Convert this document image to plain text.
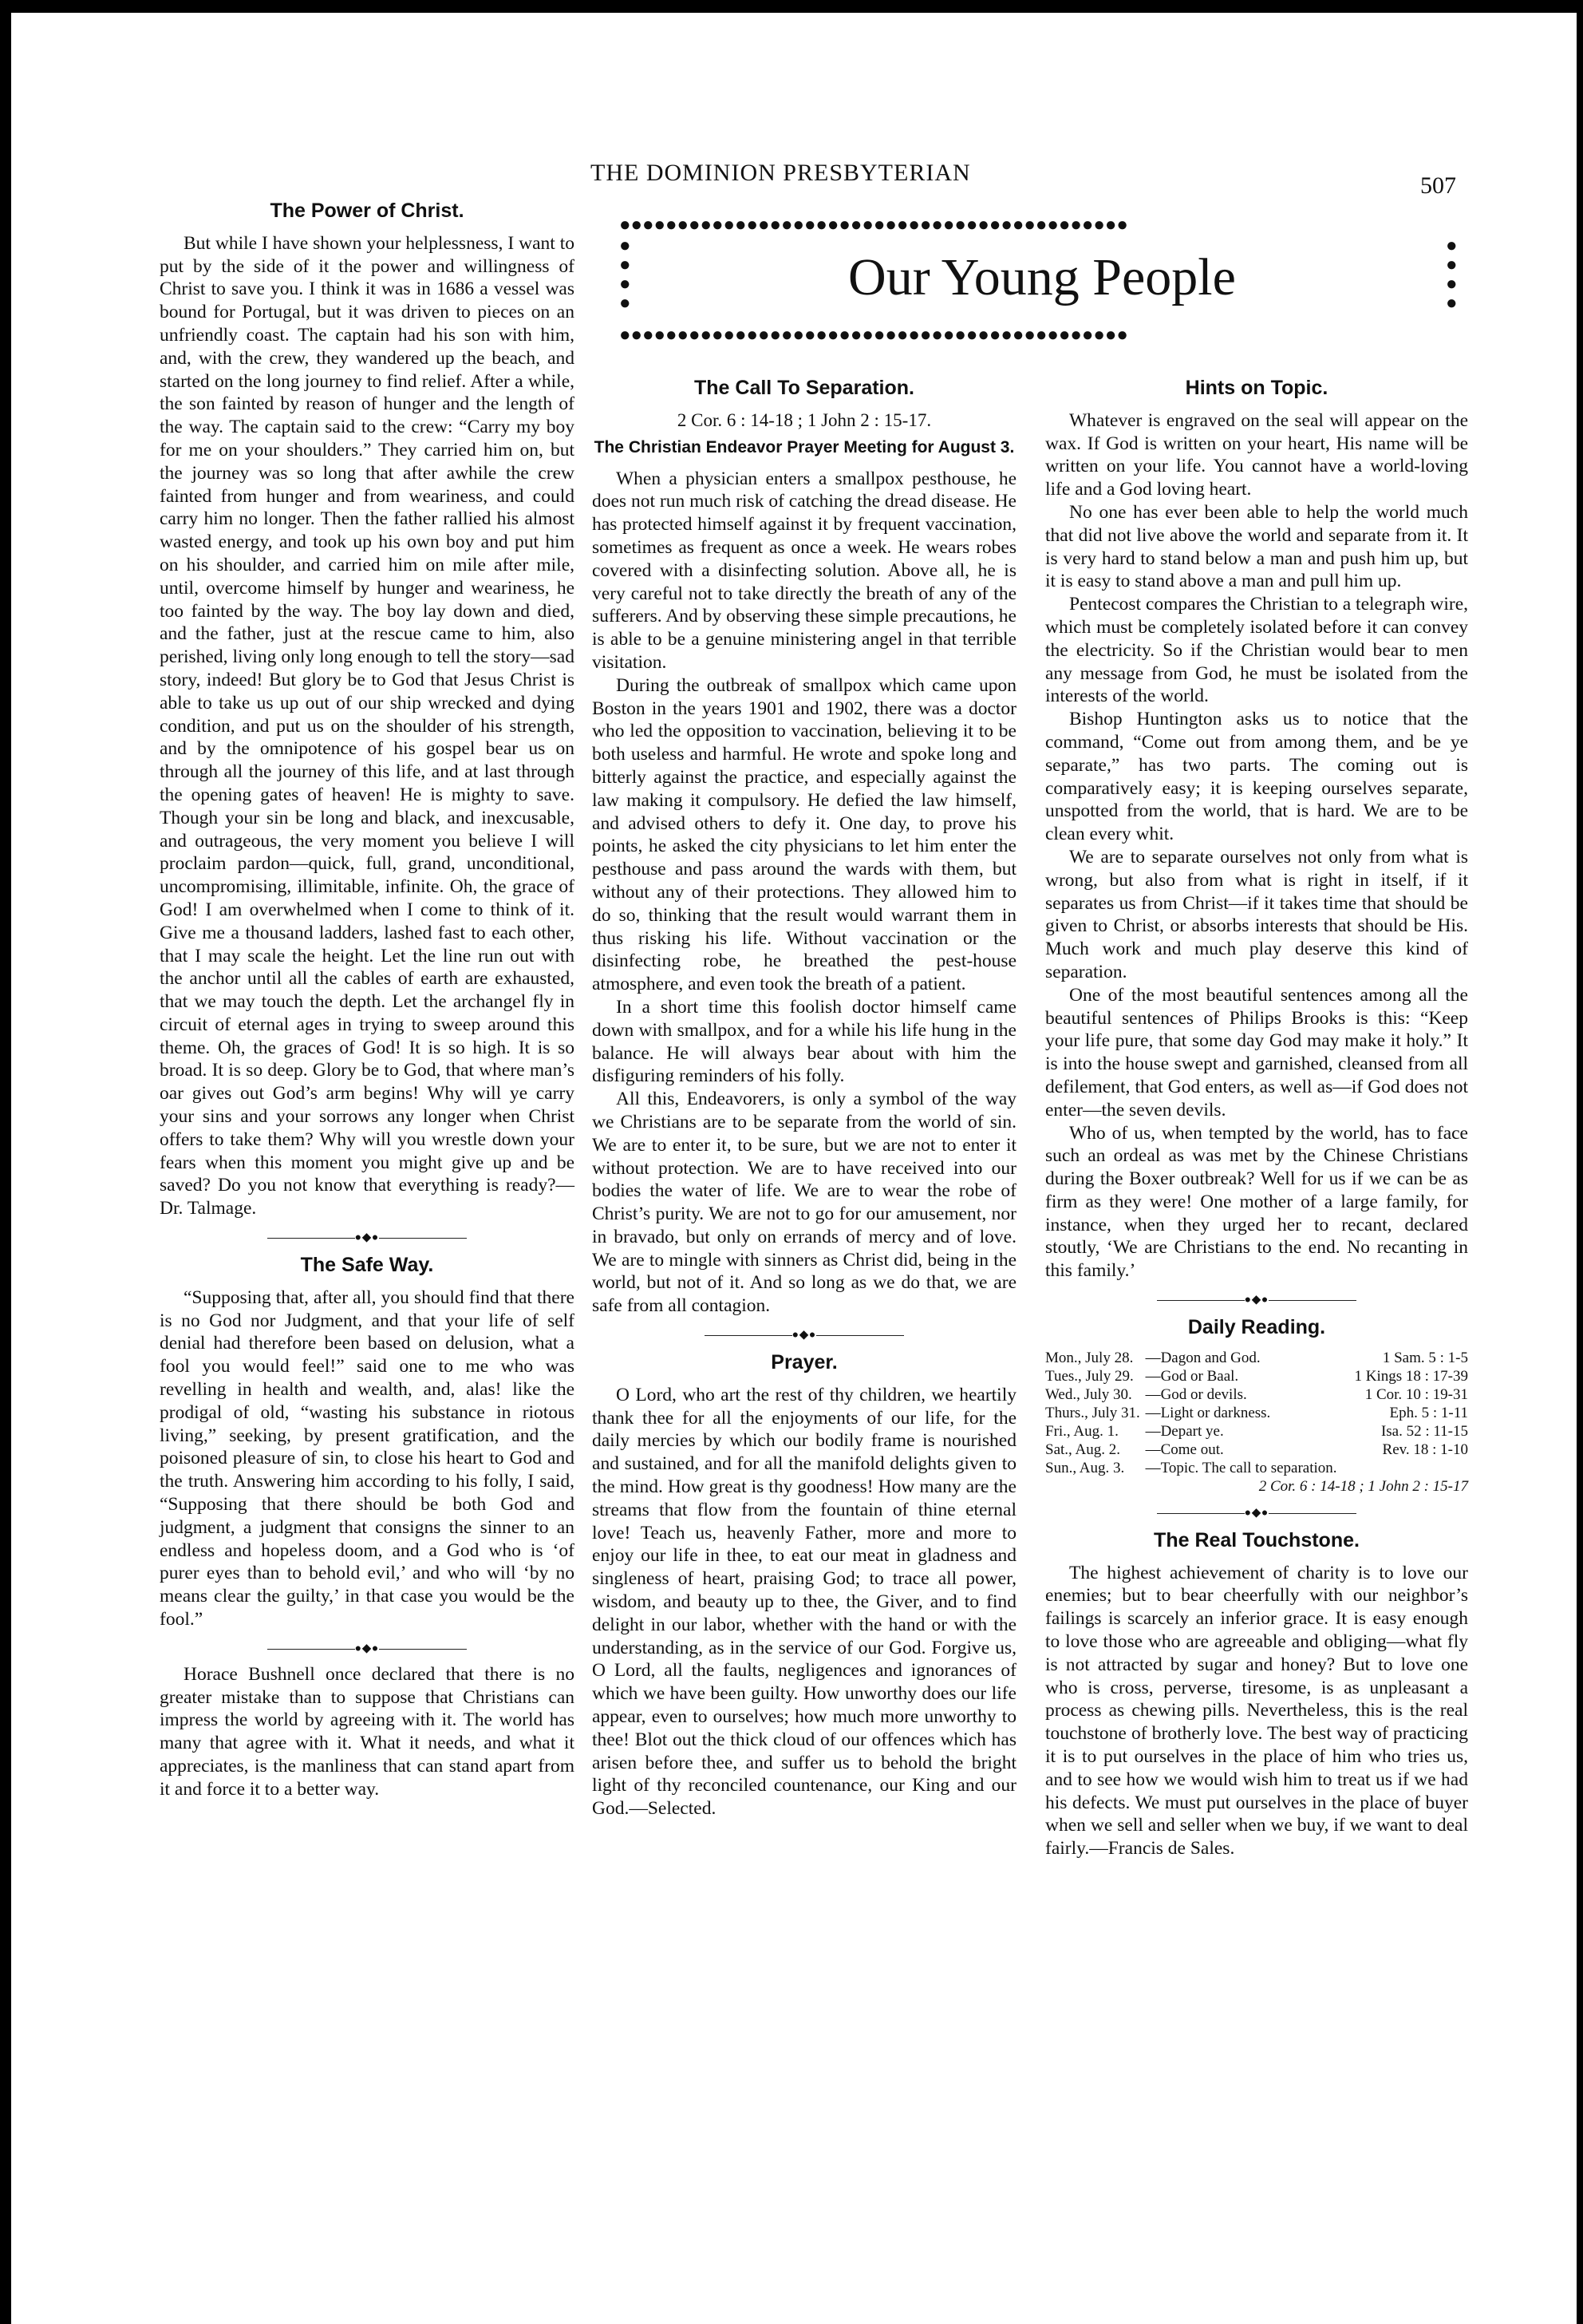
THE DOMINION PRESBYTERIAN	507
●●●●●●●●●●●●●●●●●●●●●●●●●●●●●●●●●●●●●●●●●●●●
● ● ● ●	Our Young People
● ● ● ●
●●●●●●●●●●●●●●●●●●●●●●●●●●●●●●●●●●●●●●●●●●●●
The Power of Christ.

But while I have shown your helplessness, I want to put by the side of it the power and willingness of Christ to save you. I think it was in 1686 a vessel was bound for Portugal, but it was driven to pieces on an unfriendly coast. The captain had his son with him, and, with the crew, they wandered up the beach, and started on the long journey to find relief. After a while, the son fainted by reason of hunger and the length of the way. The captain said to the crew: “Carry my boy for me on your shoulders.” They carried him on, but the journey was so long that after awhile the crew fainted from hunger and from weariness, and could carry him no longer. Then the father rallied his almost wasted energy, and took up his own boy and put him on his shoulder, and carried him on mile after mile, until, overcome himself by hunger and weariness, he too fainted by the way. The boy lay down and died, and the father, just at the rescue came to him, also perished, living only long enough to tell the story—sad story, indeed! But glory be to God that Jesus Christ is able to take us up out of our ship wrecked and dying condition, and put us on the shoulder of his strength, and by the omnipotence of his gospel bear us on through all the journey of this life, and at last through the opening gates of heaven! He is mighty to save. Though your sin be long and black, and inexcusable, and outrageous, the very moment you believe I will proclaim pardon—quick, full, grand, unconditional, uncompromising, illimitable, infinite. Oh, the grace of God! I am overwhelmed when I come to think of it. Give me a thousand ladders, lashed fast to each other, that I may scale the height. Let the line run out with the anchor until all the cables of earth are exhausted, that we may touch the depth. Let the archangel fly in circuit of eternal ages in trying to sweep around this theme. Oh, the graces of God! It is so high. It is so broad. It is so deep. Glory be to God, that where man’s oar gives out God’s arm begins! Why will ye carry your sins and your sorrows any longer when Christ offers to take them? Why will you wrestle down your fears when this moment you might give up and be saved? Do you not know that everything is ready?—Dr. Talmage.

●◆●
The Safe Way.

“Supposing that, after all, you should find that there is no God nor Judgment, and that your life of self denial had therefore been based on delusion, what a fool you would feel!” said one to me who was revelling in health and wealth, and, alas! like the prodigal of old, “wasting his substance in riotous living,” seeking, by present gratification, and the poisoned pleasure of sin, to close his heart to God and the truth. Answering him according to his folly, I said, “Supposing that there should be both God and judgment, a judgment that consigns the sinner to an endless and hopeless doom, and a God who is ‘of purer eyes than to behold evil,’ and who will ‘by no means clear the guilty,’ in that case you would be the fool.”

●◆●

Horace Bushnell once declared that there is no greater mistake than to suppose that Christians can impress the world by agreeing with it. The world has many that agree with it. What it needs, and what it appreciates, is the manliness that can stand apart from it and force it to a better way.

The Call To Separation.
2 Cor. 6 : 14-18 ; 1 John 2 : 15-17.
The Christian Endeavor Prayer Meeting for August 3.

When a physician enters a smallpox pesthouse, he does not run much risk of catching the dread disease. He has protected himself against it by frequent vaccination, sometimes as frequent as once a week. He wears robes covered with a disinfecting solution. Above all, he is very careful not to take directly the breath of any of the sufferers. And by observing these simple precautions, he is able to be a genuine ministering angel in that terrible visitation.

During the outbreak of smallpox which came upon Boston in the years 1901 and 1902, there was a doctor who led the opposition to vaccination, believing it to be both useless and harmful. He wrote and spoke long and bitterly against the practice, and especially against the law making it compulsory. He defied the law himself, and advised others to defy it. One day, to prove his points, he asked the city physicians to let him enter the pesthouse and pass around the wards with them, but without any of their protections. They allowed him to do so, thinking that the result would warrant them in thus risking his life. Without vaccination or the disinfecting robe, he breathed the pest-house atmosphere, and even took the breath of a patient.

In a short time this foolish doctor himself came down with smallpox, and for a while his life hung in the balance. He will always bear about with him the disfiguring reminders of his folly.

All this, Endeavorers, is only a symbol of the way we Christians are to be separate from the world of sin. We are to enter it, to be sure, but we are not to enter it without protection. We are to have received into our bodies the water of life. We are to wear the robe of Christ’s purity. We are not to go for our amusement, nor in bravado, but only on errands of mercy and of love. We are to mingle with sinners as Christ did, being in the world, but not of it. And so long as we do that, we are safe from all contagion.

●◆●
Prayer.

O Lord, who art the rest of thy children, we heartily thank thee for all the enjoyments of our life, for the daily mercies by which our bodily frame is nourished and sustained, and for all the manifold delights given to the mind. How great is thy goodness! How many are the streams that flow from the fountain of thine eternal love! Teach us, heavenly Father, more and more to enjoy our life in thee, to eat our meat in gladness and singleness of heart, praising God; to trace all power, wisdom, and beauty up to thee, the Giver, and to find delight in our labor, whether with the hand or with the understanding, as in the service of our God. Forgive us, O Lord, all the faults, negligences and ignorances of which we have been guilty. How unworthy does our life appear, even to ourselves; how much more unworthy to thee! Blot out the thick cloud of our offences which has arisen before thee, and suffer us to behold the bright light of thy reconciled countenance, our King and our God.—Selected.

Hints on Topic.

Whatever is engraved on the seal will appear on the wax. If God is written on your heart, His name will be written on your life. You cannot have a world-loving life and a God loving heart.

No one has ever been able to help the world much that did not live above the world and separate from it. It is very hard to stand below a man and push him up, but it is easy to stand above a man and pull him up.

Pentecost compares the Christian to a telegraph wire, which must be completely isolated before it can convey the electricity. So if the Christian would bear to men any message from God, he must be isolated from the interests of the world.

Bishop Huntington asks us to notice that the command, “Come out from among them, and be ye separate,” has two parts. The coming out is comparatively easy; it is keeping ourselves separate, unspotted from the world, that is hard. We are to be clean every whit.

We are to separate ourselves not only from what is wrong, but also from what is right in itself, if it separates us from Christ—if it takes time that should be given to Christ, or absorbs interests that should be His. Much work and much play deserve this kind of separation.

One of the most beautiful sentences among all the beautiful sentences of Philips Brooks is this: “Keep your life pure, that some day God may make it holy.” It is into the house swept and garnished, cleansed from all defilement, that God enters, as well as—if God does not enter—the seven devils.

Who of us, when tempted by the world, has to face such an ordeal as was met by the Chinese Christians during the Boxer outbreak? Well for us if we can be as firm as they were! One mother of a large family, for instance, when they urged her to recant, declared stoutly, ‘We are Christians to the end. No recanting in this family.’

●◆●
Daily Reading.
Mon., July 28.	—Dagon and God.	1 Sam. 5 : 1-5
Tues., July 29.	—God or Baal.	1 Kings 18 : 17-39
Wed., July 30.	—God or devils.	1 Cor. 10 : 19-31
Thurs., July 31.	—Light or darkness.	Eph. 5 : 1-11
Fri., Aug. 1.	—Depart ye.	Isa. 52 : 11-15
Sat., Aug. 2.	—Come out.	Rev. 18 : 1-10
Sun., Aug. 3.	—Topic. The call to separation.	
2 Cor. 6 : 14-18 ; 1 John 2 : 15-17
●◆●
The Real Touchstone.

The highest achievement of charity is to love our enemies; but to bear cheerfully with our neighbor’s failings is scarcely an inferior grace. It is easy enough to love those who are agreeable and obliging—what fly is not attracted by sugar and honey? But to love one who is cross, perverse, tiresome, is as unpleasant a process as chewing pills. Nevertheless, this is the real touchstone of brotherly love. The best way of practicing it is to put ourselves in the place of him who tries us, and to see how we would wish him to treat us if we had his defects. We must put ourselves in the place of buyer when we sell and seller when we buy, if we want to deal fairly.—Francis de Sales.
